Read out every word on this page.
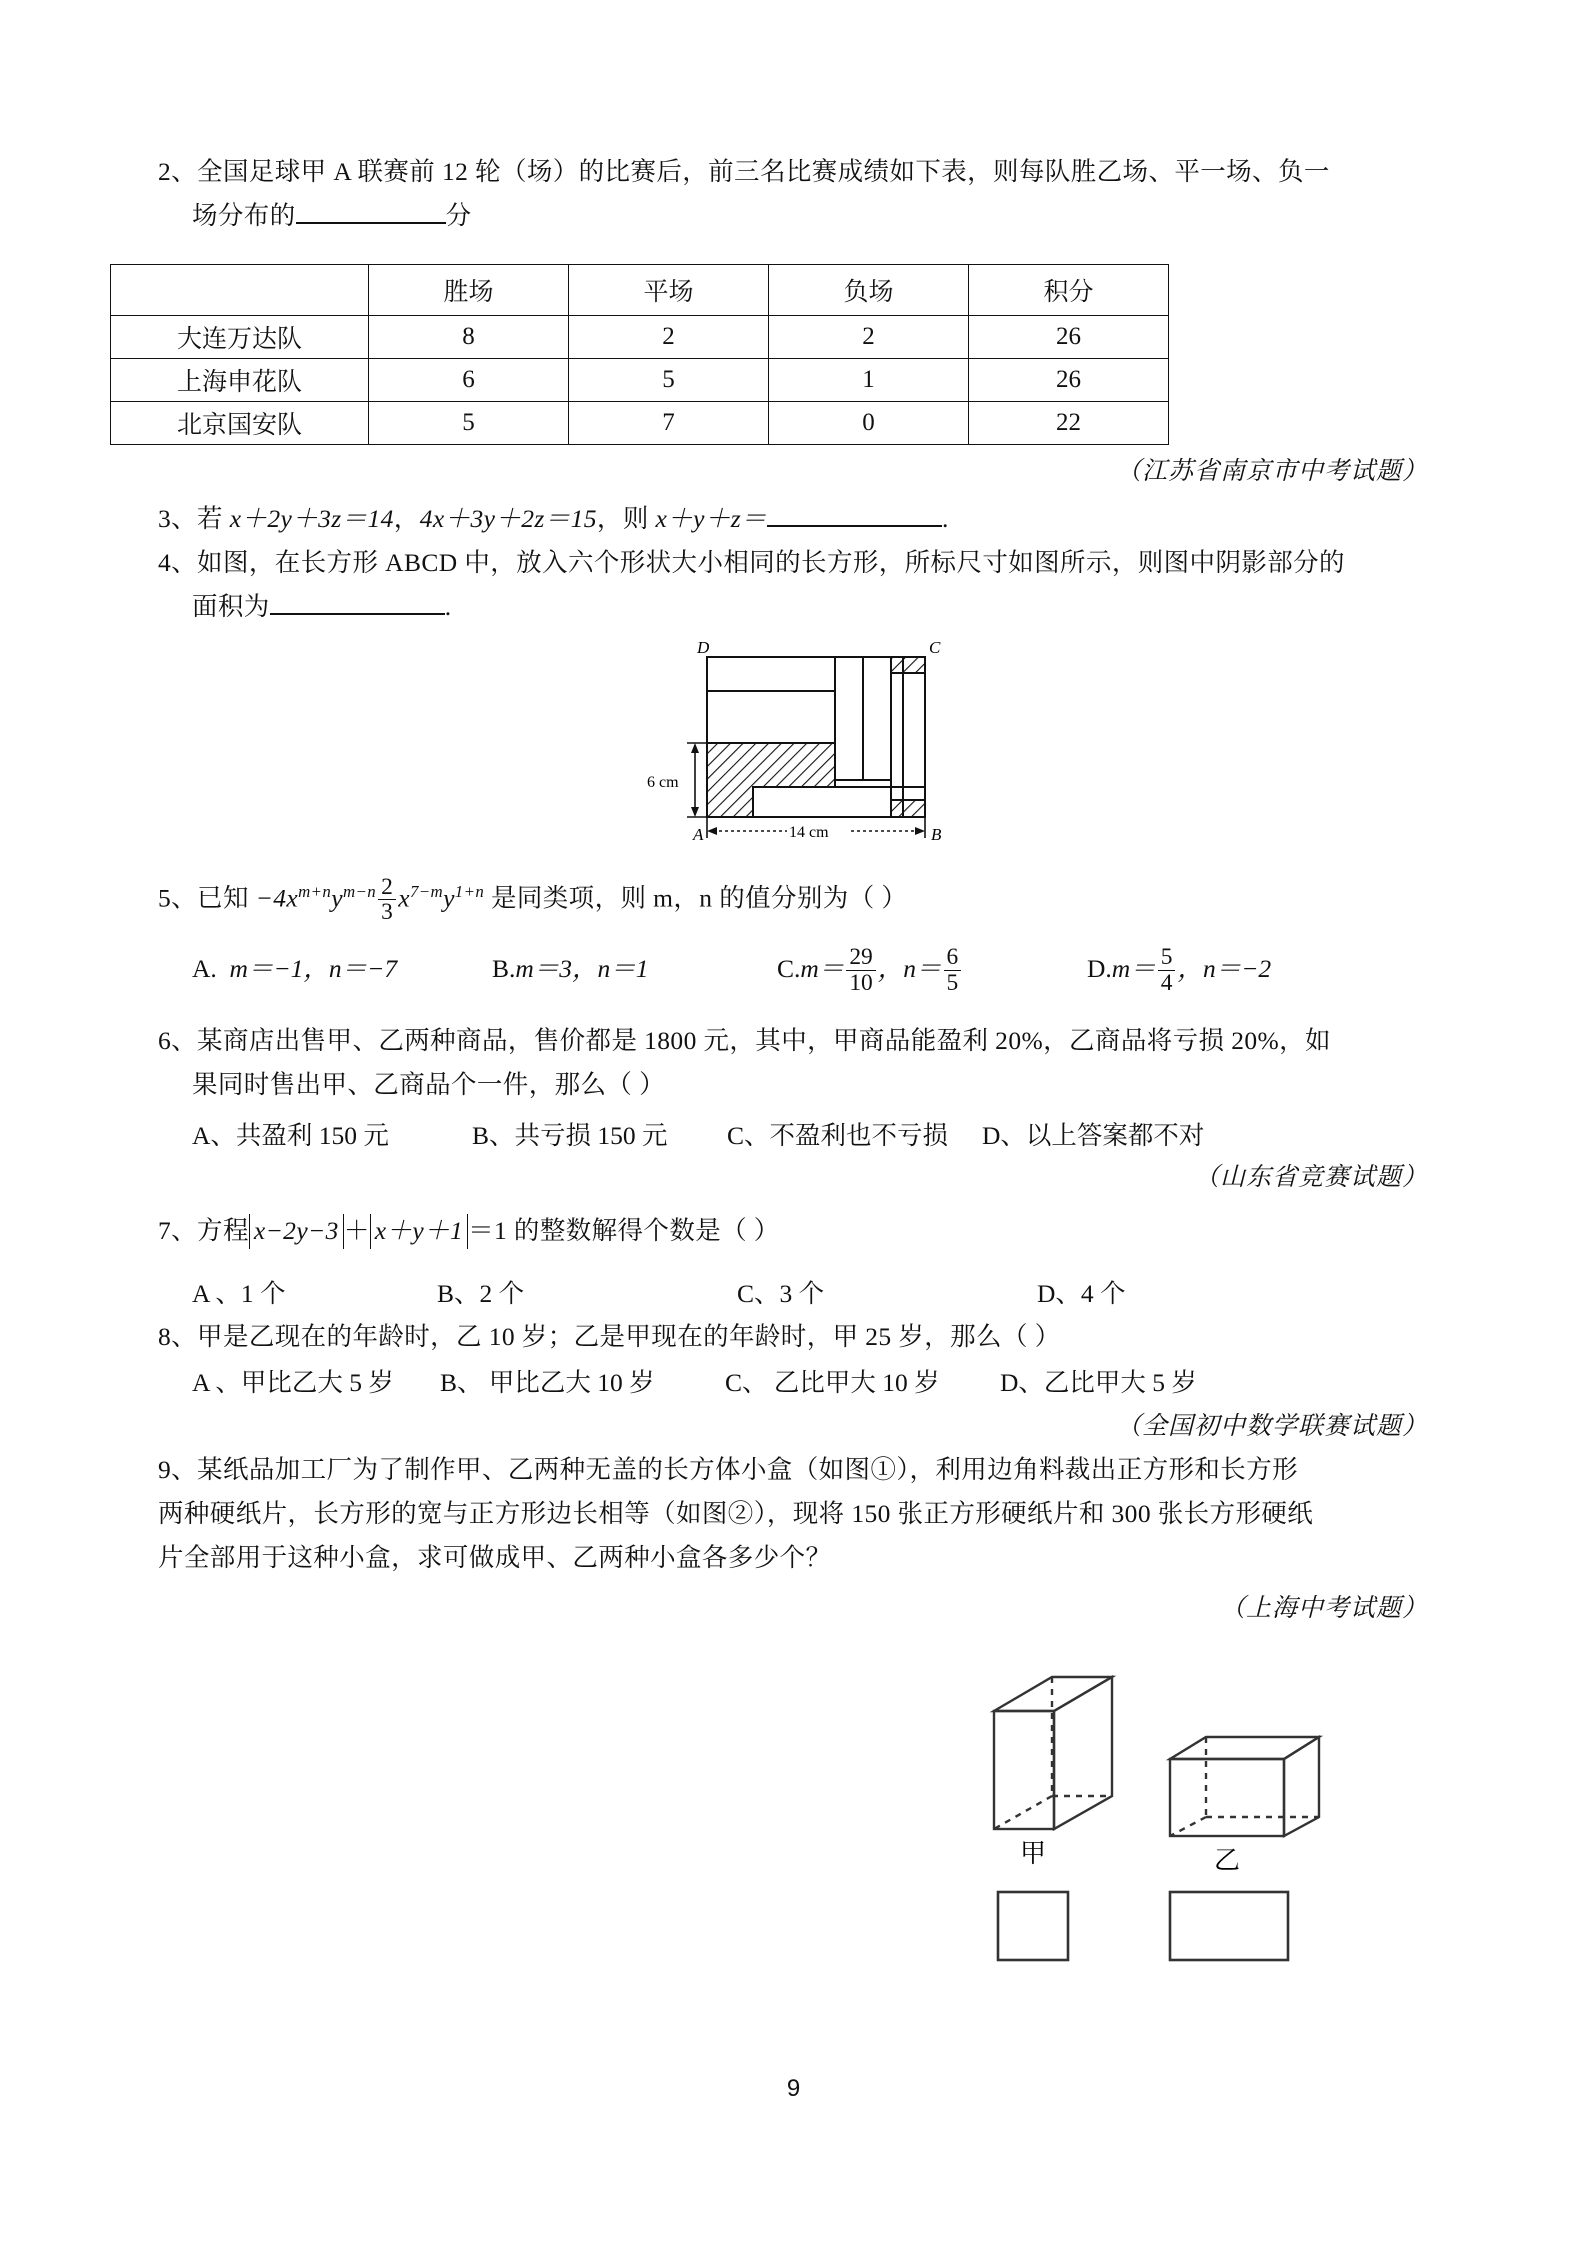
2、全国足球甲 A 联赛前 12 轮（场）的比赛后，前三名比赛成绩如下表，则每队胜乙场、平一场、负一
场分布的	分
	胜场	平场	负场	积分
大连万达队	8	2	2	26
上海申花队	6	5	1	26
北京国安队	5	7	0	22
（江苏省南京市中考试题）
3、若 x＋2y＋3z＝14，4x＋3y＋2z＝15，则 x＋y＋z＝	.
4、如图，在长方形 ABCD 中，放入六个形状大小相同的长方形，所标尺寸如图所示，则图中阴影部分的
面积为	.
D	C
A	B
6 cm
14 cm
5、已知 $-4x^{m+n}y^{m-n} \frac{2}{3} x^{7-m}y^{1+n}$ 是同类项，则 m，n 的值分别为（ ）
A. m＝−1，n＝−7	B.m＝3，n＝1	$C.m= \frac{29}{10}$ ，$n= \frac{6}{5}$	$D.m= \frac{5}{4}$ ，n＝−2
6、某商店出售甲、乙两种商品，售价都是 1800 元，其中，甲商品能盈利 20%，乙商品将亏损 20%，如
果同时售出甲、乙商品个一件，那么（ ）
A、共盈利 150 元	B、共亏损 150 元 C、不盈利也不亏损 D、以上答案都不对
（山东省竞赛试题）
7、方程 x−2y−3 ＋ x＋y＋1 ＝1 的整数解得个数是（ ）
A 、1 个	B、2 个	C、3 个	D、4 个
8、甲是乙现在的年龄时，乙 10 岁；乙是甲现在的年龄时，甲 25 岁，那么（ ）
A 、甲比乙大 5 岁 B、 甲比乙大 10 岁	C、 乙比甲大 10 岁 D、乙比甲大 5 岁
（全国初中数学联赛试题）
9、某纸品加工厂为了制作甲、乙两种无盖的长方体小盒（如图①），利用边角料裁出正方形和长方形
两种硬纸片，长方形的宽与正方形边长相等（如图②），现将 150 张正方形硬纸片和 300 张长方形硬纸
片全部用于这种小盒，求可做成甲、乙两种小盒各多少个？
（上海中考试题）
甲	乙
9
